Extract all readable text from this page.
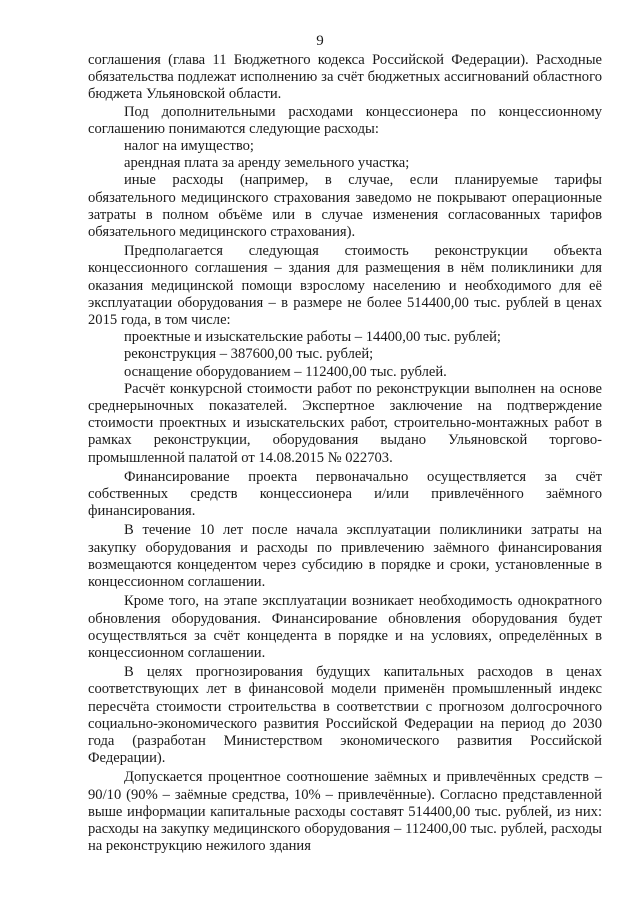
9

соглашения (глава 11 Бюджетного кодекса Российской Федерации). Расходные обязательства подлежат исполнению за счёт бюджетных ассигнований областного бюджета Ульяновской области.

Под дополнительными расходами концессионера по концессионному соглашению понимаются следующие расходы:

налог на имущество;

арендная плата за аренду земельного участка;

иные расходы (например, в случае, если планируемые тарифы обязательного медицинского страхования заведомо не покрывают операционные затраты в полном объёме или в случае изменения согласованных тарифов обязательного медицинского страхования).

Предполагается следующая стоимость реконструкции объекта концессионного соглашения – здания для размещения в нём поликлиники для оказания медицинской помощи взрослому населению и необходимого для её эксплуатации оборудования – в размере не более 514400,00 тыс. рублей в ценах 2015 года, в том числе:

проектные и изыскательские работы – 14400,00 тыс. рублей;

реконструкция – 387600,00 тыс. рублей;

оснащение оборудованием – 112400,00 тыс. рублей.

Расчёт конкурсной стоимости работ по реконструкции выполнен на основе среднерыночных показателей. Экспертное заключение на подтверждение стоимости проектных и изыскательских работ, строительно-монтажных работ в рамках реконструкции, оборудования выдано Ульяновской торгово-промышленной палатой от 14.08.2015 № 022703.

Финансирование проекта первоначально осуществляется за счёт собственных средств концессионера и/или привлечённого заёмного финансирования.

В течение 10 лет после начала эксплуатации поликлиники затраты на закупку оборудования и расходы по привлечению заёмного финансирования возмещаются концедентом через субсидию в порядке и сроки, установленные в концессионном соглашении.

Кроме того, на этапе эксплуатации возникает необходимость однократного обновления оборудования. Финансирование обновления оборудования будет осуществляться за счёт концедента в порядке и на условиях, определённых в концессионном соглашении.

В целях прогнозирования будущих капитальных расходов в ценах соответствующих лет в финансовой модели применён промышленный индекс пересчёта стоимости строительства в соответствии с прогнозом долгосрочного социально-экономического развития Российской Федерации на период до 2030 года (разработан Министерством экономического развития Российской Федерации).

Допускается процентное соотношение заёмных и привлечённых средств – 90/10 (90% – заёмные средства, 10% – привлечённые). Согласно представленной выше информации капитальные расходы составят 514400,00 тыс. рублей, из них: расходы на закупку медицинского оборудования – 112400,00 тыс. рублей, расходы на реконструкцию нежилого здания
